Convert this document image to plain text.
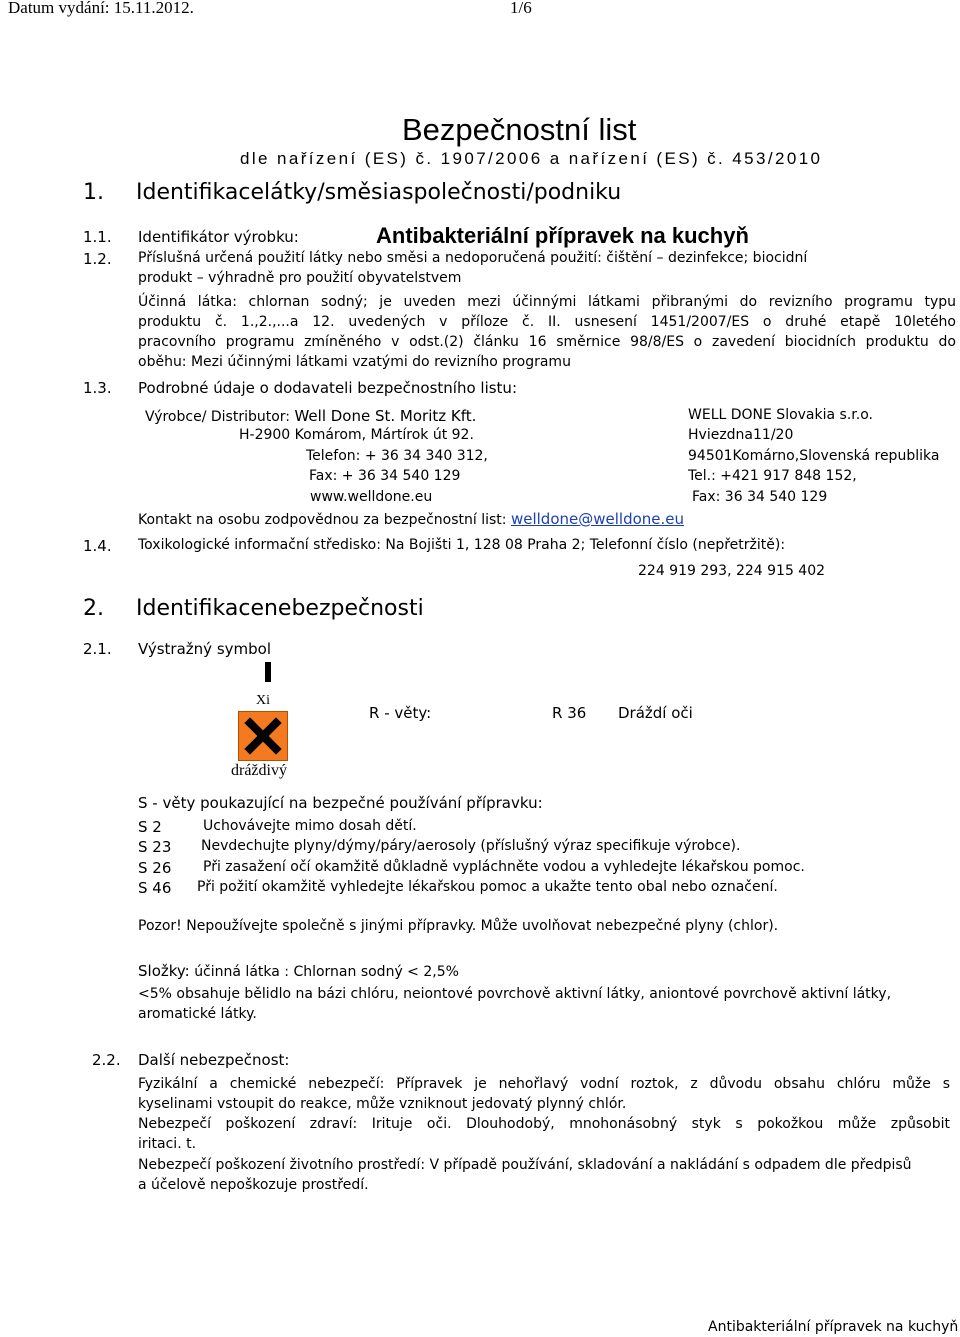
Datum vydání: 15.11.2012.	1/6
Bezpečnostní list
dle nařízení (ES) č. 1907/2006 a nařízení (ES) č. 453/2010
1. Identifikacelátky/směsiaspolečnosti/podniku
1.1. Identifikátor výrobku:	Antibakteriální přípravek na kuchyň
1.2. Příslušná určená použití látky nebo směsi a nedoporučená použití: čištění – dezinfekce; biocidní
produkt – výhradně pro použití obyvatelstvem
Účinná látka: chlornan sodný; je uveden mezi účinnými látkami přibranými do revizního programu typu
produktu č. 1.,2.,...a 12. uvedených v příloze č. II. usnesení 1451/2007/ES o druhé etapě 10letého
pracovního programu zmíněného v odst.(2) článku 16 směrnice 98/8/ES o zavedení biocidních produktu do
oběhu: Mezi účinnými látkami vzatými do revizního programu
1.3. Podrobné údaje o dodavateli bezpečnostního listu:
Výrobce/ Distributor: Well Done St. Moritz Kft.
H-2900 Komárom, Mártírok út 92.
Telefon: + 36 34 340 312,
Fax: + 36 34 540 129
www.welldone.eu
WELL DONE Slovakia s.r.o.
Hviezdna11/20
94501Komárno,Slovenská republika
Tel.: +421 917 848 152,
Fax: 36 34 540 129
Kontakt na osobu zodpovědnou za bezpečnostní list: welldone@welldone.eu
1.4. Toxikologické informační středisko: Na Bojišti 1, 128 08 Praha 2; Telefonní číslo (nepřetržitě):
224 919 293, 224 915 402
2. Identifikacenebezpečnosti
2.1. Výstražný symbol
Xi
dráždivý
R - věty:	R 36 Dráždí oči
S - věty poukazující na bezpečné používání přípravku:
S 2	Uchovávejte mimo dosah dětí.
S 23 Nevdechujte plyny/dýmy/páry/aerosoly (příslušný výraz specifikuje výrobce).
S 26 Při zasažení očí okamžitě důkladně vypláchněte vodou a vyhledejte lékařskou pomoc.
S 46 Při požití okamžitě vyhledejte lékařskou pomoc a ukažte tento obal nebo označení.
Pozor! Nepoužívejte společně s jinými přípravky. Může uvolňovat nebezpečné plyny (chlor).
Složky: účinná látka : Chlornan sodný < 2,5%
<5% obsahuje bělidlo na bázi chlóru, neiontové povrchově aktivní látky, aniontové povrchově aktivní látky,
aromatické látky.
2.2. Další nebezpečnost:
Fyzikální a chemické nebezpečí: Přípravek je nehořlavý vodní roztok, z důvodu obsahu chlóru může s
kyselinami vstoupit do reakce, může vzniknout jedovatý plynný chlór.
Nebezpečí poškození zdraví: Irituje oči. Dlouhodobý, mnohonásobný styk s pokožkou může způsobit
iritaci. t.
Nebezpečí poškození životního prostředí: V případě používání, skladování a nakládání s odpadem dle předpisů
a účelově nepoškozuje prostředí.
Antibakteriální přípravek na kuchyň
